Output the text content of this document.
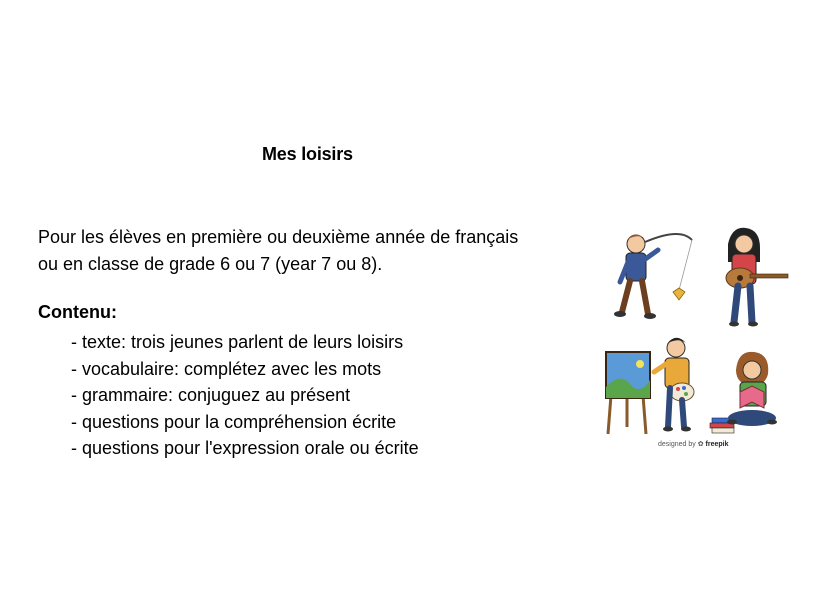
Mes loisirs

Pour les élèves en première ou deuxième année de français

ou en classe de grade 6 ou 7 (year 7 ou 8).

Contenu:
- texte: trois jeunes parlent de leurs loisirs
- vocabulaire: complétez avec les mots
- grammaire: conjuguez au présent
- questions pour la compréhension écrite
- questions pour l'expression orale ou écrite	designed by ✿ freepik
